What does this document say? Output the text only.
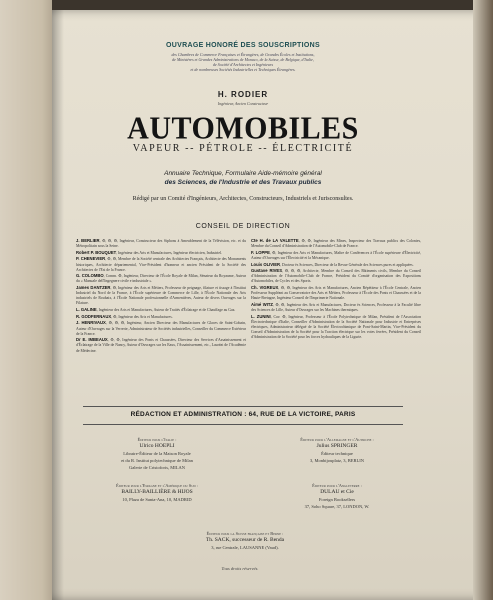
OUVRAGE HONORÉ DES SOUSCRIPTIONS
des Chambres de Commerce Françaises et Étrangères, de Grandes Écoles et Institutions,
de Ministères et Grandes Administrations de Monaco, de la Suisse, de Belgique, d'Italie,
de Société d'Architectes et Ingénieurs
et de nombreuses Sociétés Industrielles et Techniques Étrangères.
H. RODIER
Ingénieur, Ancien Constructeur
AUTOMOBILES
VAPEUR -- PÉTROLE -- ÉLECTRICITÉ
Annuaire Technique, Formulaire Aide-mémoire général
des Sciences, de l'Industrie et des Travaux publics
Rédigé par un Comité d'Ingénieurs, Architectes, Constructeurs, Industriels et Jurisconsultes.
CONSEIL DE DIRECTION

J. BERLIER, ⚙, ⚙, ⚙, Ingénieur, Constructeur des Siphons à Ameublement de la Télévision, etc. et du Métropolitain sous la Seine.

Robert P. BOUQUET, Ingénieur des Arts et Manufactures, Ingénieur électricien, Industriel.

P. CHENEVIER, ⚙, ⚙, Membre de la Société centrale des Architectes Français, Architecte des Monuments historiques, Architecte départemental, Vice-Président d'honneur et ancien Président de la Société des Architectes de l'Est de la France.

G. COLOMBO, Comm. ⚙, Ingénieur, Directeur de l'École Royale de Milan, Sénateur du Royaume, Auteur du « Manuale dell'Ingegnere civile e industriale ».

James DANTZER, ⚙, Ingénieur des Arts et Métiers, Professeur de peignage, filature et tissage à l'Institut Industriel du Nord de la France, à l'École supérieure de Commerce de Lille, à l'École Nationale des Arts industriels de Roubaix, à l'École Nationale professionnelle d'Armentières, Auteur de divers Ouvrages sur la Filature.

L. GALINE, Ingénieur des Arts et Manufactures, Auteur de Traités d'Éclairage et de Chauffage au Gaz.

R. GODFERNAUX, ⚙, Ingénieur des Arts et Manufactures.

J. HENRIVAUX, ⚙, ⚙, ⚙, Ingénieur, Ancien Directeur des Manufactures de Glaces de Saint-Gobain, Auteur d'Ouvrages sur la Verrerie, Administrateur de Sociétés industrielles, Conseiller du Commerce Extérieur de la France.

Dr E. IMBEAUX, ⚙, ⚙, Ingénieur des Ponts et Chaussées, Directeur des Services d'Assainissement et d'Éclairage de la Ville de Nancy, Auteur d'Ouvrages sur les Eaux, l'Assainissement, etc., Lauréat de l'Académie de Médecine.

Cte H. de LA VALETTE, ⚙, ⚙, Ingénieur des Mines, Inspecteur des Travaux publics des Colonies, Membre du Conseil d'Administration de l'Automobile-Club de France.

F. LOPPE, ⚙, Ingénieur des Arts et Manufactures, Maître de Conférences à l'École supérieure d'Électricité, Auteur d'Ouvrages sur l'Électricité et la Mécanique.

Louis OLIVIER, Docteur ès Sciences, Directeur de la Revue Générale des Sciences pures et appliquées.

Gustave RIVES, ⚙, ⚙, ⚙, Architecte, Membre du Conseil des Bâtiments civils, Membre du Conseil d'Administration de l'Automobile-Club de France, Président du Comité d'organisation des Expositions d'Automobiles, de Cycles et des Sports.

Ch. VIGREUX, ⚙, ⚙, Ingénieur des Arts et Manufactures, Ancien Répétiteur à l'École Centrale, Ancien Professeur Suppléant au Conservatoire des Arts et Métiers, Professeur à l'École des Ponts et Chaussées et de la Haute-Bretagne, Ingénieur Conseil de l'Imprimerie Nationale.

Aimé WITZ, ⚙, ⚙, Ingénieur des Arts et Manufactures, Docteur ès Sciences, Professeur à la Faculté libre des Sciences de Lille, Auteur d'Ouvrages sur les Machines thermiques.

L. ZUNINI, Cav. ⚙, Ingénieur, Professeur à l'École Polytechnique de Milan, Président de l'Association Électrotechnique d'Italie, Conseiller d'Administration de la Société Nationale pour Industrie et Entreprises électriques, Administrateur délégué de la Société Électrochimique de Pont-Saint-Martin, Vice-Président du Conseil d'Administration de la Société pour la Traction électrique sur les voies ferrées, Président du Conseil d'Administration de la Société pour les forces hydrauliques de la Ligurie.

RÉDACTION ET ADMINISTRATION : 64, RUE DE LA VICTOIRE, PARIS
Éditeur pour l'Italie :
Ulrico HOEPLI
Libraire-Éditeur de la Maison Royale
et du R. Institut polytechnique de Milan
Galerie de Cristoforis, MILAN
Éditeur pour l'Allemagne et l'Autriche :
Julius SPRINGER
Éditeur technique
3, Monbijouplatz, 3, BERLIN
Éditeur pour l'Espagne et l'Amérique du Sud :
BAILLY-BAILLIÈRE & HIJOS
10, Plaza de Santa-Ana, 10, MADRID
Éditeur pour l'Angleterre :
DULAU et Cie
Foreign Booksellers
37, Soho Square, 37, LONDON, W.
Éditeur pour la Suisse française et Berne :
Th. SACK, successeur de R. Benda
3, rue Centrale, LAUSANNE (Vaud).
Tous droits réservés.
